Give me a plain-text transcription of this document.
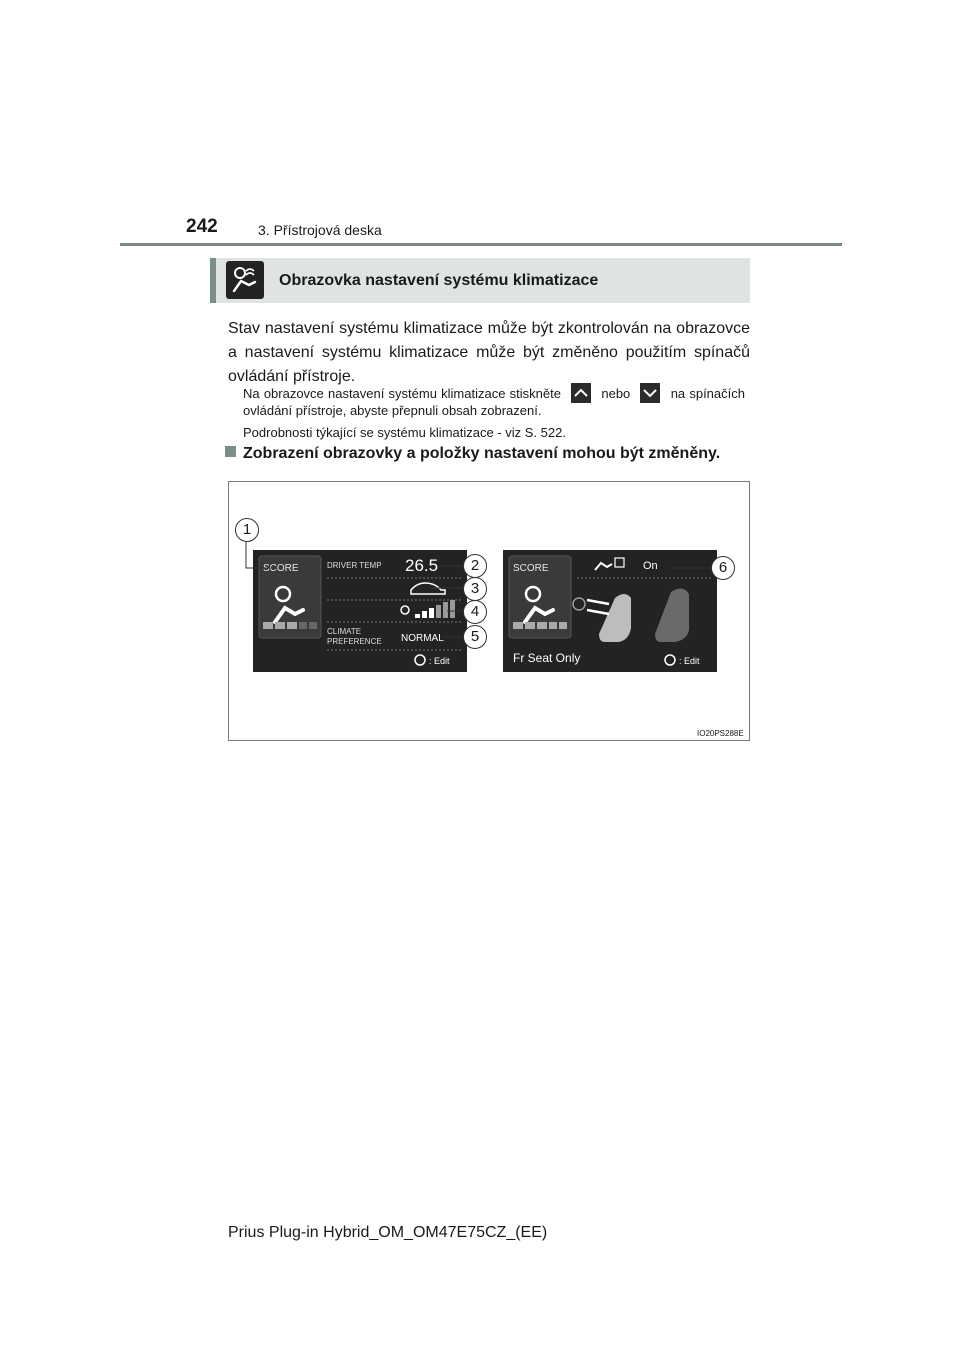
242	3. Přístrojová deska
Obrazovka nastavení systému klimatizace
Stav nastavení systému klimatizace může být zkontrolován na obrazovce a nastavení systému klimatizace může být změněno použitím spínačů ovládání přístroje.
Na obrazovce nastavení systému klimatizace stiskněte	nebo	na spínačích ovládání přístroje, abyste přepnuli obsah zobrazení.
Podrobnosti týkající se systému klimatizace - viz S. 522.
Zobrazení obrazovky a položky nastavení mohou být změněny.
SCORE	DRIVER TEMP 26.5
CLIMATE
PREFERENCE NORMAL
: Edit
SCORE	On
Fr Seat Only	: Edit
1
2
3
4
5
6
IO20PS288E
Prius Plug-in Hybrid_OM_OM47E75CZ_(EE)
